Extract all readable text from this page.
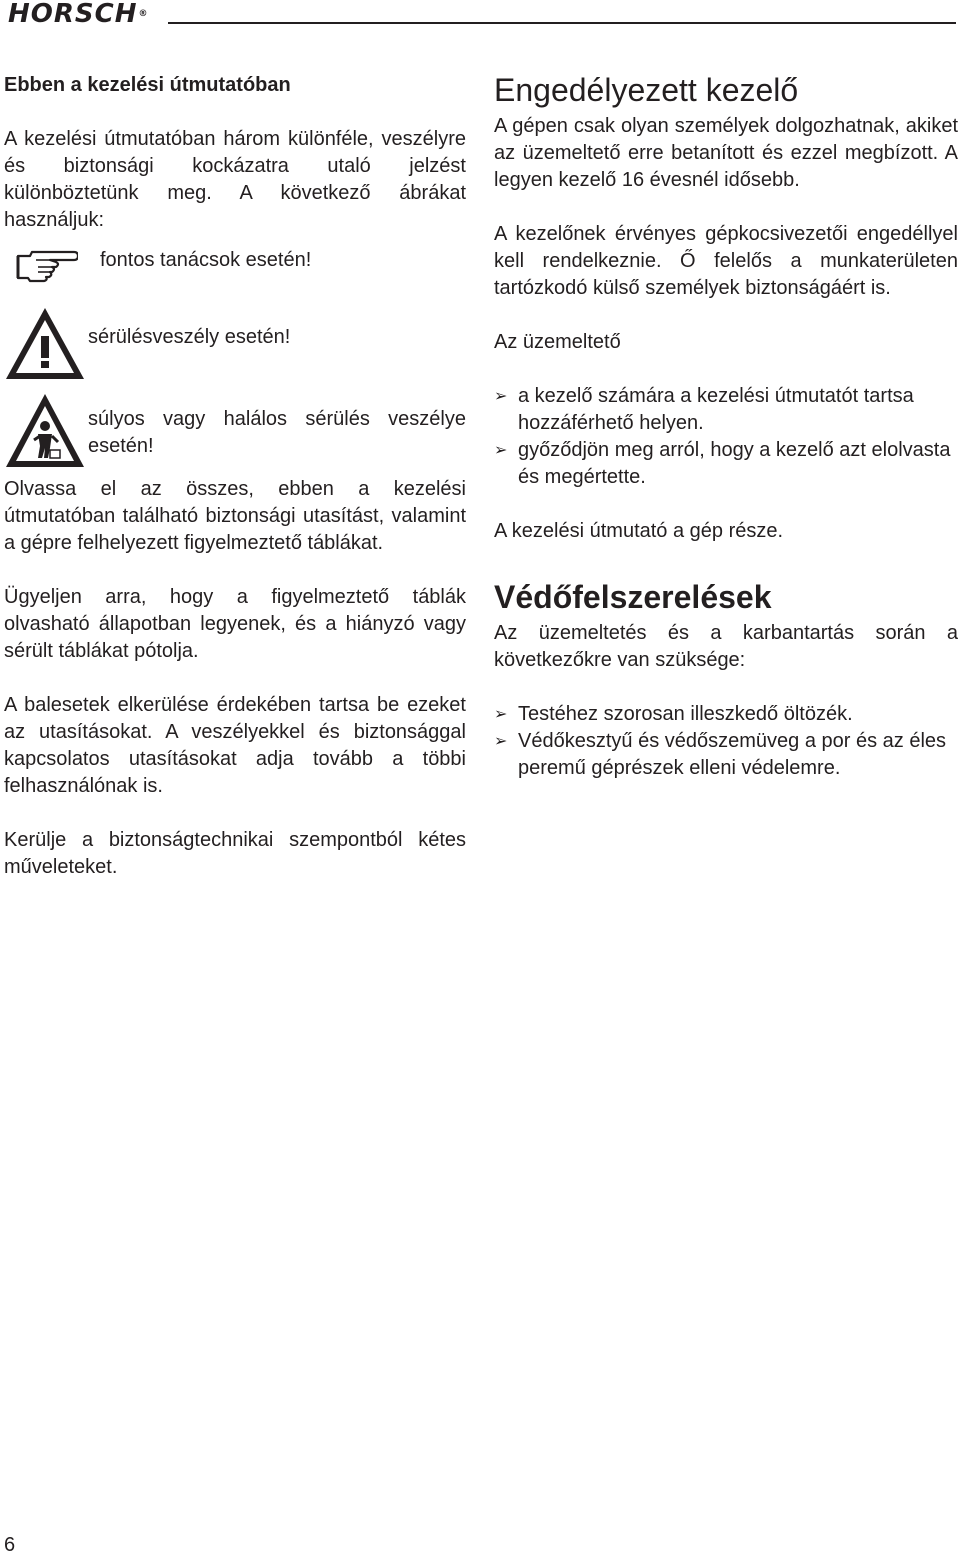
HORSCH®
Ebben a kezelési útmutatóban

A kezelési útmutatóban három különféle, veszélyre és biztonsági kockázatra utaló jelzést különböztetünk meg. A következő ábrákat használjuk:

fontos tanácsok esetén!
sérülésveszély esetén!
súlyos vagy halálos sérülés veszélye esetén!

Olvassa el az összes, ebben a kezelési útmutatóban található biztonsági utasítást, valamint a gépre felhelyezett figyelmeztető táblákat.

Ügyeljen arra, hogy a figyelmeztető táblák olvasható állapotban legyenek, és a hiányzó vagy sérült táblákat pótolja.

A balesetek elkerülése érdekében tartsa be ezeket az utasításokat. A veszélyekkel és biztonsággal kapcsolatos utasításokat adja tovább a többi felhasználónak is.

Kerülje a biztonságtechnikai szempontból kétes műveleteket.

Engedélyezett kezelő

A gépen csak olyan személyek dolgozhatnak, akiket az üzemeltető erre betanított és ezzel megbízott. A legyen kezelő 16 évesnél idősebb.

A kezelőnek érvényes gépkocsivezetői engedéllyel kell rendelkeznie. Ő felelős a munkaterületen tartózkodó külső személyek biztonságáért is.

Az üzemeltető

➢ a kezelő számára a kezelési útmutatót tartsa hozzáférhető helyen.
➢ győződjön meg arról, hogy a kezelő azt elolvasta és megértette.

A kezelési útmutató a gép része.

Védőfelszerelések

Az üzemeltetés és a karbantartás során a következőkre van szüksége:

➢ Testéhez szorosan illeszkedő öltözék.
➢ Védőkesztyű és védőszemüveg a por és az éles peremű géprészek elleni védelemre.
6
